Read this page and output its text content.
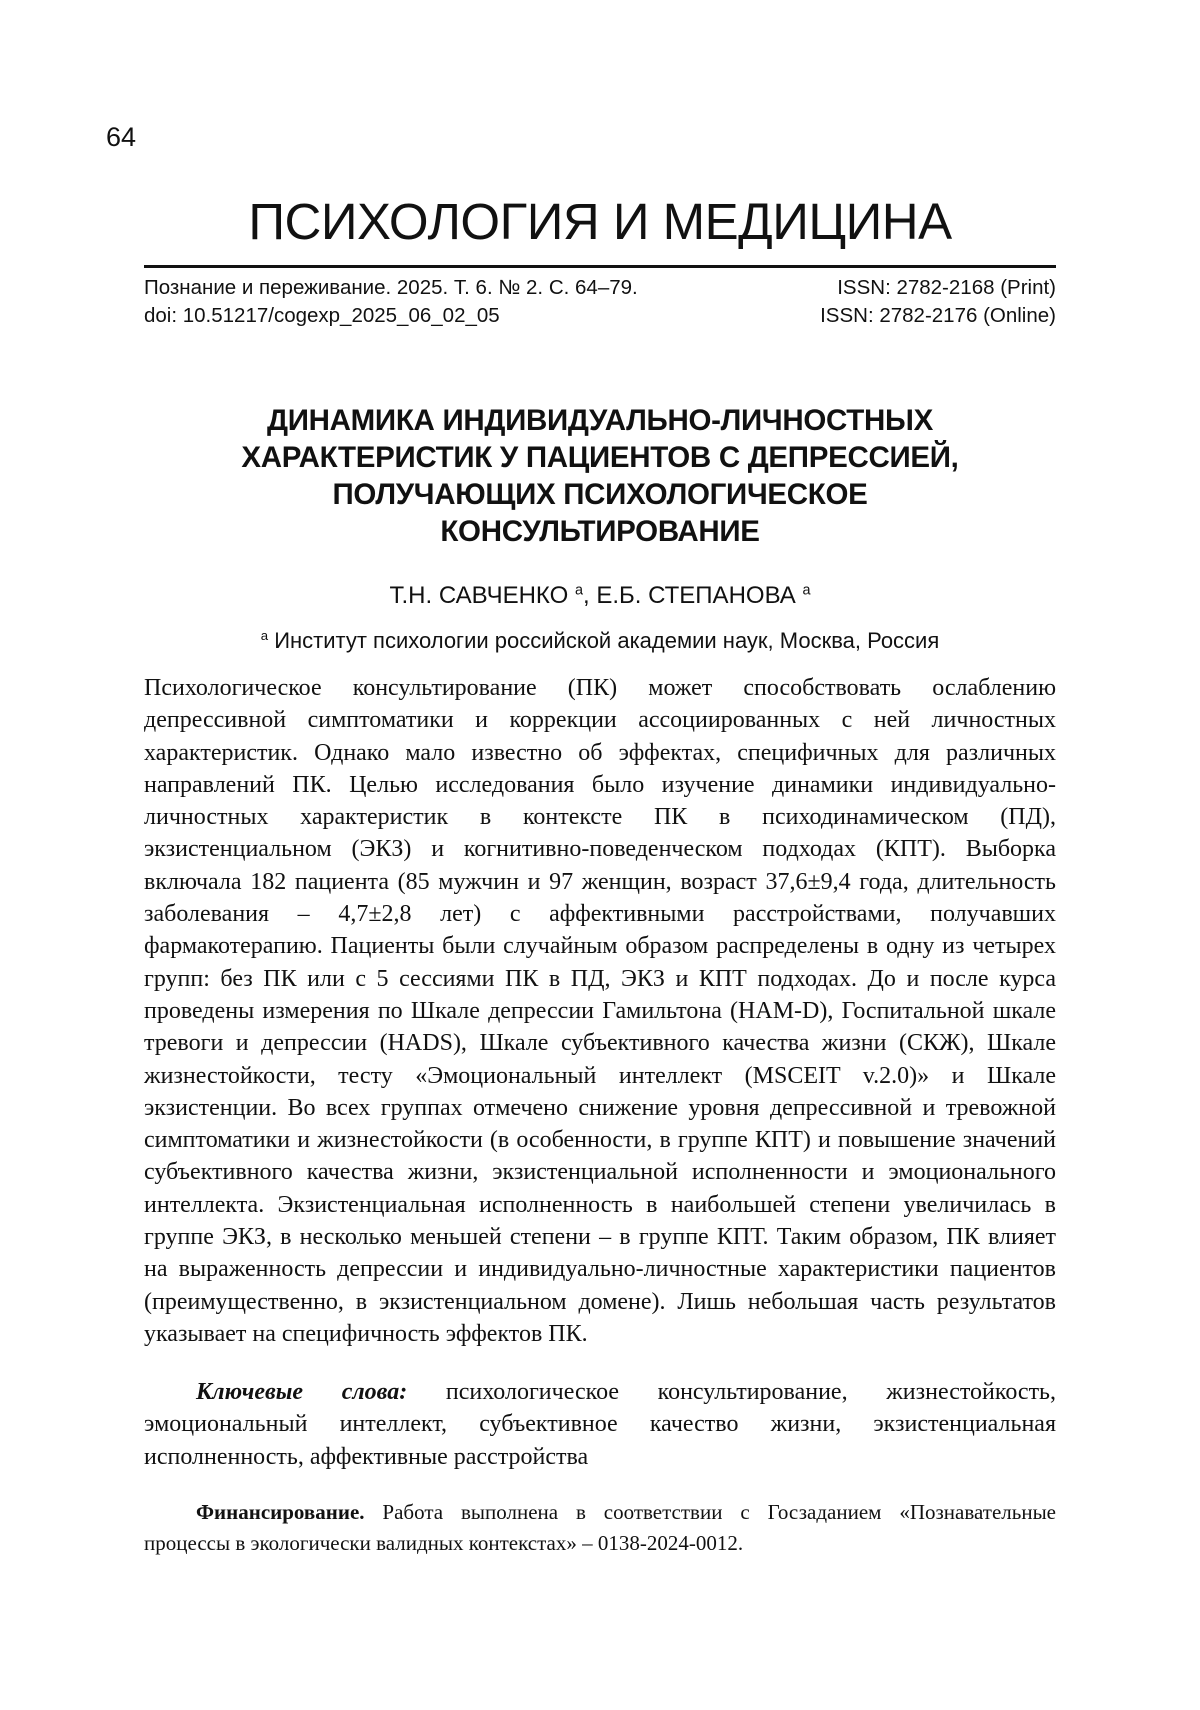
64
ПСИХОЛОГИЯ И МЕДИЦИНА
Познание и переживание. 2025. Т. 6. № 2. С. 64–79.	ISSN: 2782-2168 (Print)
doi: 10.51217/cogexp_2025_06_02_05	ISSN: 2782-2176 (Online)
ДИНАМИКА ИНДИВИДУАЛЬНО-ЛИЧНОСТНЫХ
ХАРАКТЕРИСТИК У ПАЦИЕНТОВ С ДЕПРЕССИЕЙ,
ПОЛУЧАЮЩИХ ПСИХОЛОГИЧЕСКОЕ
КОНСУЛЬТИРОВАНИЕ
Т.Н. САВЧЕНКО $^a$, Е.Б. СТЕПАНОВА $^a$
$^a$ Институт психологии российской академии наук, Москва, Россия

Психологическое консультирование (ПК) может способствовать ослаблению депрессивной симптоматики и коррекции ассоциированных с ней личностных характеристик. Однако мало известно об эффектах, специфичных для различных направлений ПК. Целью исследования было изучение динамики индивидуально-личностных характеристик в контексте ПК в психодинамическом (ПД), экзистенциальном (ЭКЗ) и когнитивно-поведенческом подходах (КПТ). Выборка включала 182 пациента (85 мужчин и 97 женщин, возраст 37,6±9,4 года, длительность заболевания – 4,7±2,8 лет) с аффективными расстройствами, получавших фармакотерапию. Пациенты были случайным образом распределены в одну из четырех групп: без ПК или с 5 сессиями ПК в ПД, ЭКЗ и КПТ подходах. До и после курса проведены измерения по Шкале депрессии Гамильтона (HAM-D), Госпитальной шкале тревоги и депрессии (HADS), Шкале субъективного качества жизни (СКЖ), Шкале жизнестойкости, тесту «Эмоциональный интеллект (MSCEIT v.2.0)» и Шкале экзистенции. Во всех группах отмечено снижение уровня депрессивной и тревожной симптоматики и жизнестойкости (в особенности, в группе КПТ) и повышение значений субъективного качества жизни, экзистенциальной исполненности и эмоционального интеллекта. Экзистенциальная исполненность в наибольшей степени увеличилась в группе ЭКЗ, в несколько меньшей степени – в группе КПТ. Таким образом, ПК влияет на выраженность депрессии и индивидуально-личностные характеристики пациентов (преимущественно, в экзистенциальном домене). Лишь небольшая часть результатов указывает на специфичность эффектов ПК.

Ключевые слова: психологическое консультирование, жизнестойкость, эмоциональный интеллект, субъективное качество жизни, экзистенциальная исполненность, аффективные расстройства

Финансирование. Работа выполнена в соответствии с Госзаданием «Познавательные процессы в экологически валидных контекстах» – 0138-2024-0012.
